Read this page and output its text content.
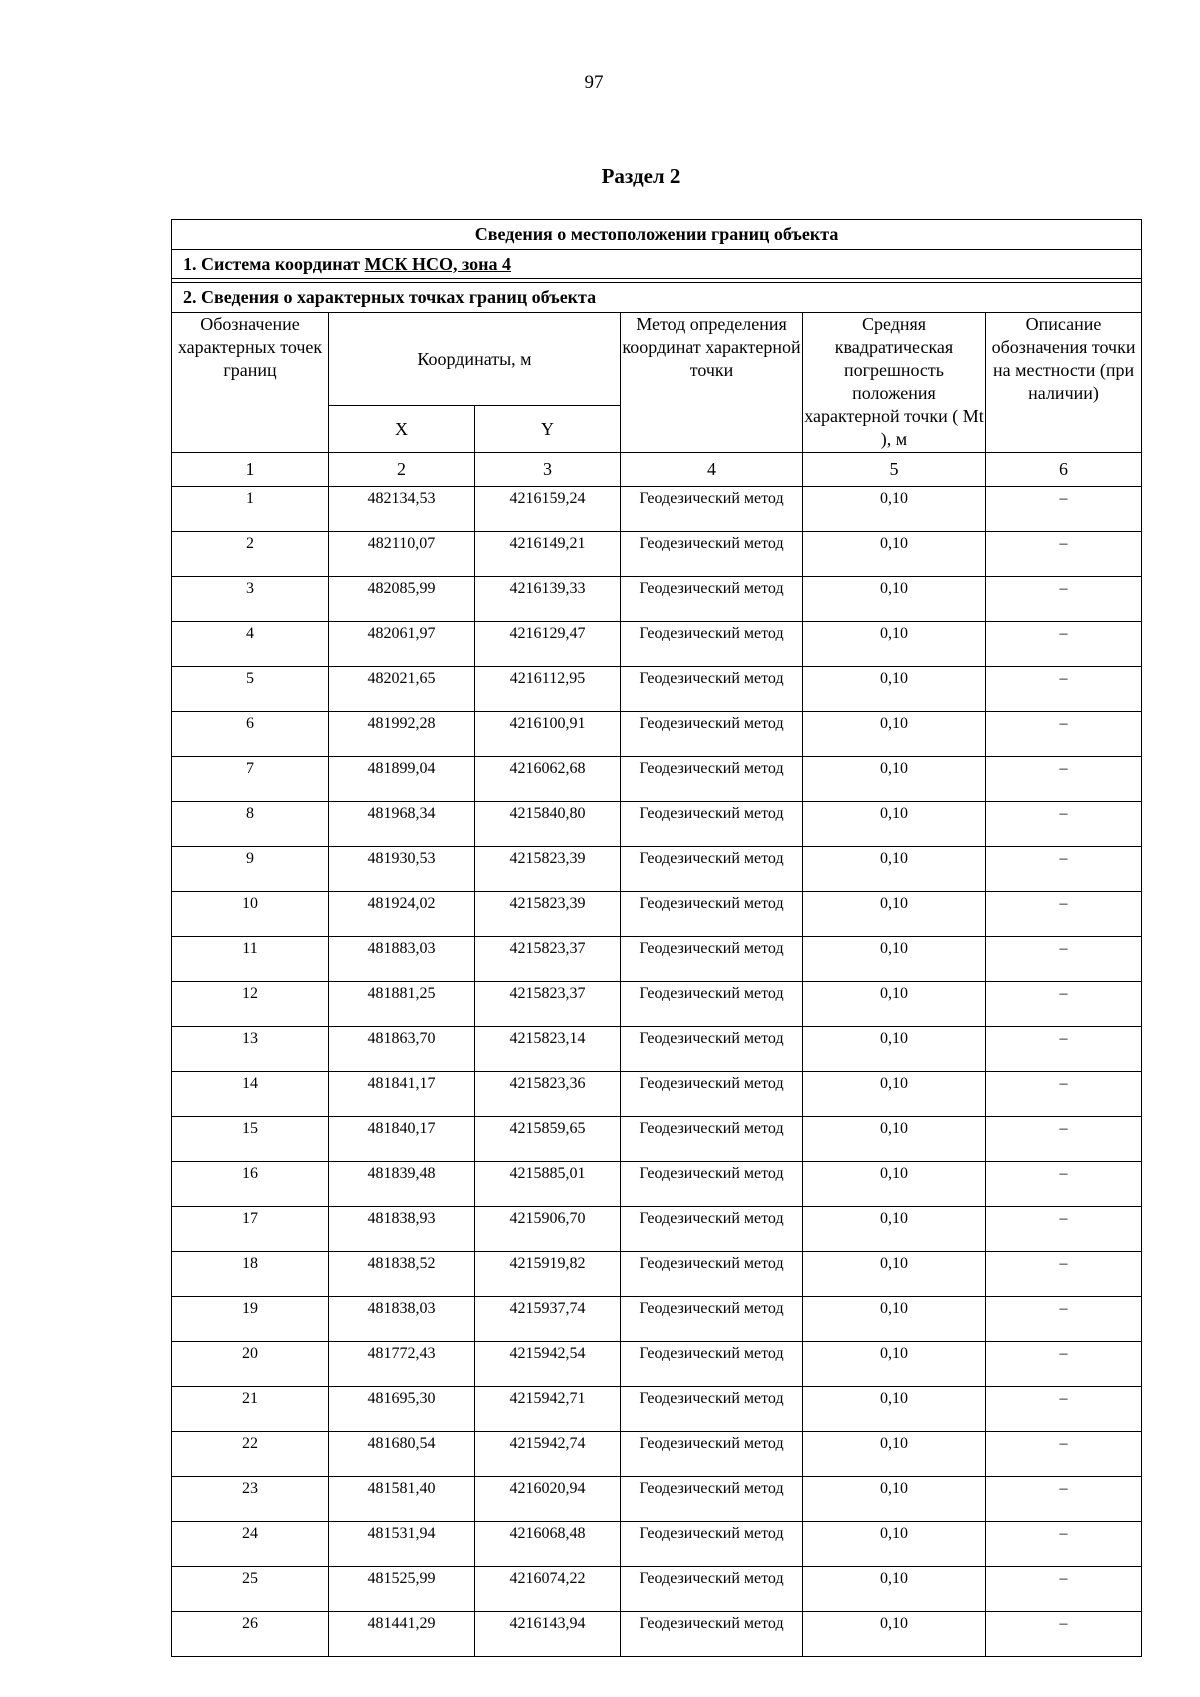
97
Раздел 2
Сведения о местоположении границ объекта					
1. Система координат МСК НСО, зона 4					

2. Сведения о характерных точках границ объекта					
Обозначение характерных точек границ	Координаты, м		Метод определения координат характерной точки	Средняя квадратическая погрешность положения характерной точки ( Mt ), м	Описание обозначения точки на местности (при наличии)
	X	Y			
1	2	3	4	5	6
1	482134,53	4216159,24	Геодезический метод	0,10	–
2	482110,07	4216149,21	Геодезический метод	0,10	–
3	482085,99	4216139,33	Геодезический метод	0,10	–
4	482061,97	4216129,47	Геодезический метод	0,10	–
5	482021,65	4216112,95	Геодезический метод	0,10	–
6	481992,28	4216100,91	Геодезический метод	0,10	–
7	481899,04	4216062,68	Геодезический метод	0,10	–
8	481968,34	4215840,80	Геодезический метод	0,10	–
9	481930,53	4215823,39	Геодезический метод	0,10	–
10	481924,02	4215823,39	Геодезический метод	0,10	–
11	481883,03	4215823,37	Геодезический метод	0,10	–
12	481881,25	4215823,37	Геодезический метод	0,10	–
13	481863,70	4215823,14	Геодезический метод	0,10	–
14	481841,17	4215823,36	Геодезический метод	0,10	–
15	481840,17	4215859,65	Геодезический метод	0,10	–
16	481839,48	4215885,01	Геодезический метод	0,10	–
17	481838,93	4215906,70	Геодезический метод	0,10	–
18	481838,52	4215919,82	Геодезический метод	0,10	–
19	481838,03	4215937,74	Геодезический метод	0,10	–
20	481772,43	4215942,54	Геодезический метод	0,10	–
21	481695,30	4215942,71	Геодезический метод	0,10	–
22	481680,54	4215942,74	Геодезический метод	0,10	–
23	481581,40	4216020,94	Геодезический метод	0,10	–
24	481531,94	4216068,48	Геодезический метод	0,10	–
25	481525,99	4216074,22	Геодезический метод	0,10	–
26	481441,29	4216143,94	Геодезический метод	0,10	–
